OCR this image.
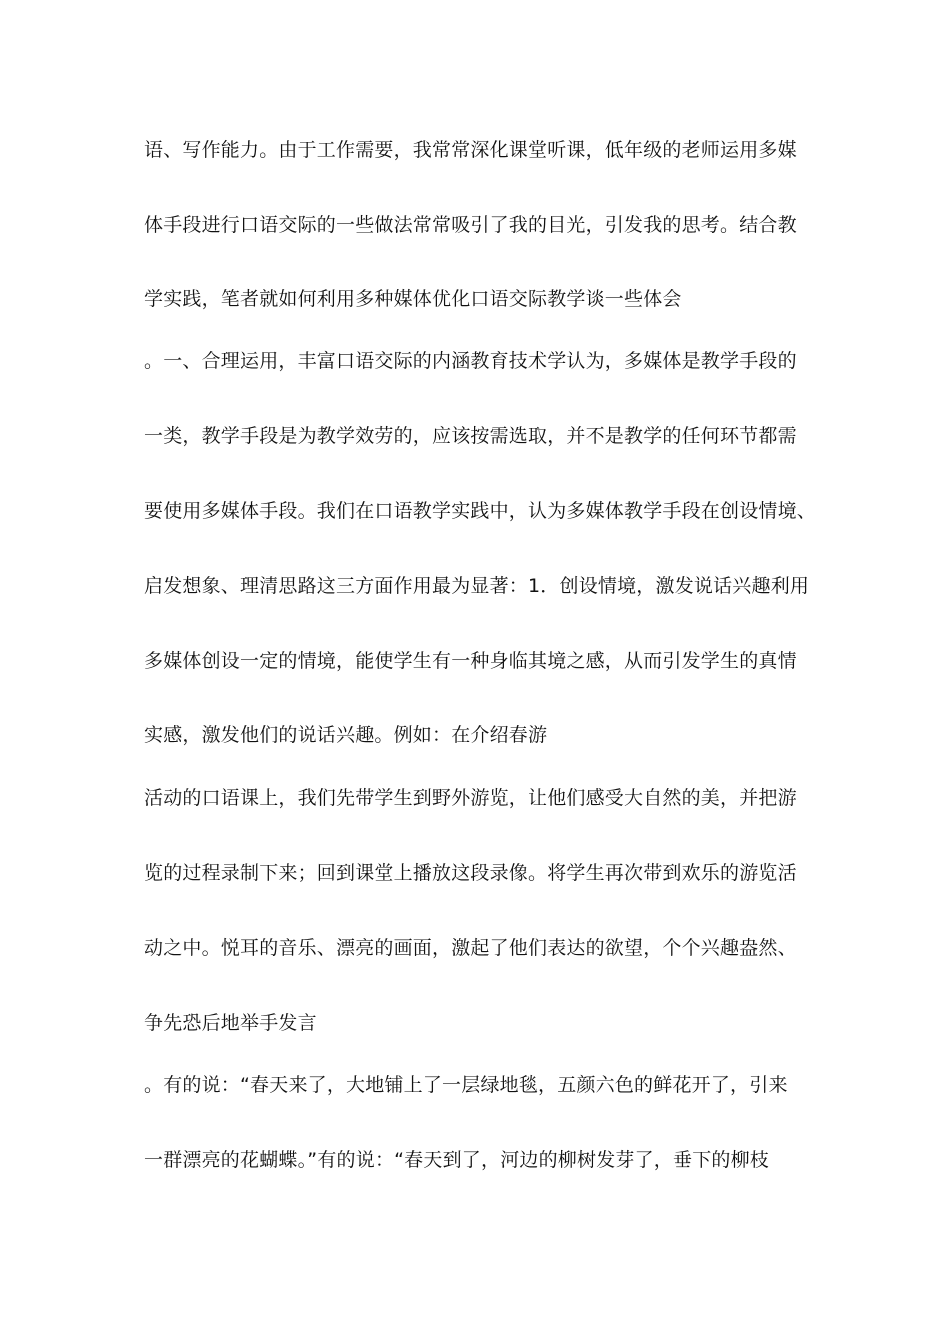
语、写作能力。由于工作需要，我常常深化课堂听课，低年级的老师运用多媒
体手段进行口语交际的一些做法常常吸引了我的目光，引发我的思考。结合教
学实践，笔者就如何利用多种媒体优化口语交际教学谈一些体会
。一、合理运用，丰富口语交际的内涵教育技术学认为，多媒体是教学手段的
一类，教学手段是为教学效劳的，应该按需选取，并不是教学的任何环节都需
要使用多媒体手段。我们在口语教学实践中，认为多媒体教学手段在创设情境、
启发想象、理清思路这三方面作用最为显著：1．创设情境，激发说话兴趣利用
多媒体创设一定的情境，能使学生有一种身临其境之感，从而引发学生的真情
实感，激发他们的说话兴趣。例如：在介绍春游
活动的口语课上，我们先带学生到野外游览，让他们感受大自然的美，并把游
览的过程录制下来；回到课堂上播放这段录像。将学生再次带到欢乐的游览活
动之中。悦耳的音乐、漂亮的画面，激起了他们表达的欲望，个个兴趣盎然、
争先恐后地举手发言
。有的说：“春天来了，大地铺上了一层绿地毯，五颜六色的鲜花开了，引来
一群漂亮的花蝴蝶。”有的说：“春天到了，河边的柳树发芽了，垂下的柳枝
